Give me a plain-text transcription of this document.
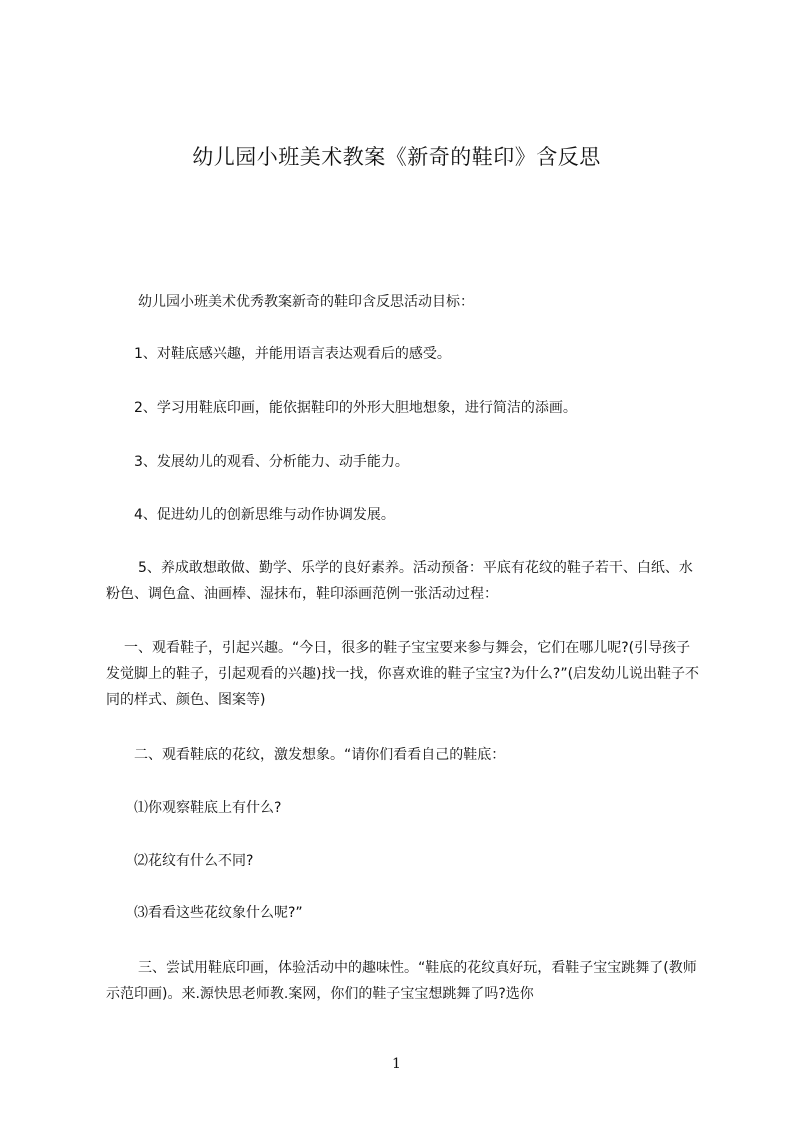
幼儿园小班美术教案《新奇的鞋印》含反思

幼儿园小班美术优秀教案新奇的鞋印含反思活动目标：

1、对鞋底感兴趣，并能用语言表达观看后的感受。

2、学习用鞋底印画，能依据鞋印的外形大胆地想象，进行简洁的添画。

3、发展幼儿的观看、分析能力、动手能力。

4、促进幼儿的创新思维与动作协调发展。

5、养成敢想敢做、勤学、乐学的良好素养。活动预备：平底有花纹的鞋子若干、白纸、水粉色、调色盒、油画棒、湿抹布，鞋印添画范例一张活动过程：

一、观看鞋子，引起兴趣。“今日，很多的鞋子宝宝要来参与舞会，它们在哪儿呢?(引导孩子发觉脚上的鞋子，引起观看的兴趣)找一找，你喜欢谁的鞋子宝宝?为什么?”(启发幼儿说出鞋子不同的样式、颜色、图案等)

二、观看鞋底的花纹，激发想象。“请你们看看自己的鞋底：

⑴你观察鞋底上有什么?

⑵花纹有什么不同?

⑶看看这些花纹象什么呢?”

三、尝试用鞋底印画，体验活动中的趣味性。“鞋底的花纹真好玩，看鞋子宝宝跳舞了(教师示范印画)。来.源快思老师教.案网，你们的鞋子宝宝想跳舞了吗?选你

1
